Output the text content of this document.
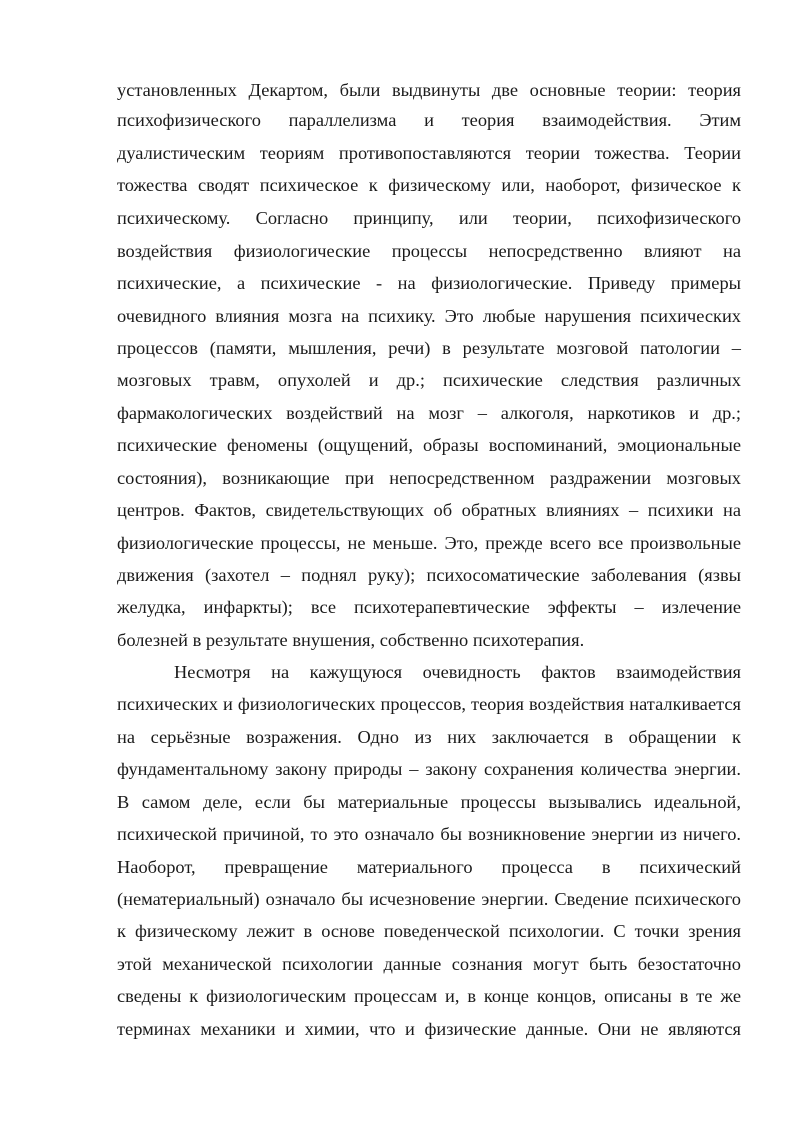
установленных Декартом, были выдвинуты две основные теории: теория
психофизического параллелизма и теория взаимодействия. Этим
дуалистическим теориям противопоставляются теории тожества. Теории
тожества сводят психическое к физическому или, наоборот, физическое к
психическому. Согласно принципу, или теории, психофизического
воздействия физиологические процессы непосредственно влияют на
психические, а психические - на физиологические. Приведу примеры
очевидного влияния мозга на психику. Это любые нарушения психических
процессов (памяти, мышления, речи) в результате мозговой патологии –
мозговых травм, опухолей и др.; психические следствия различных
фармакологических воздействий на мозг – алкоголя, наркотиков и др.;
психические феномены (ощущений, образы воспоминаний, эмоциональные
состояния), возникающие при непосредственном раздражении мозговых
центров. Фактов, свидетельствующих об обратных влияниях – психики на
физиологические процессы, не меньше. Это, прежде всего все произвольные
движения (захотел – поднял руку); психосоматические заболевания (язвы
желудка, инфаркты); все психотерапевтические эффекты – излечение
болезней в результате внушения, собственно психотерапия.
Несмотря на кажущуюся очевидность фактов взаимодействия
психических и физиологических процессов, теория воздействия наталкивается
на серьёзные возражения. Одно из них заключается в обращении к
фундаментальному закону природы – закону сохранения количества энергии.
В самом деле, если бы материальные процессы вызывались идеальной,
психической причиной, то это означало бы возникновение энергии из ничего.
Наоборот, превращение материального процесса в психический
(нематериальный) означало бы исчезновение энергии. Сведение психического
к физическому лежит в основе поведенческой психологии. С точки зрения
этой механической психологии данные сознания могут быть безостаточно
сведены к физиологическим процессам и, в конце концов, описаны в те же
терминах механики и химии, что и физические данные. Они не являются
